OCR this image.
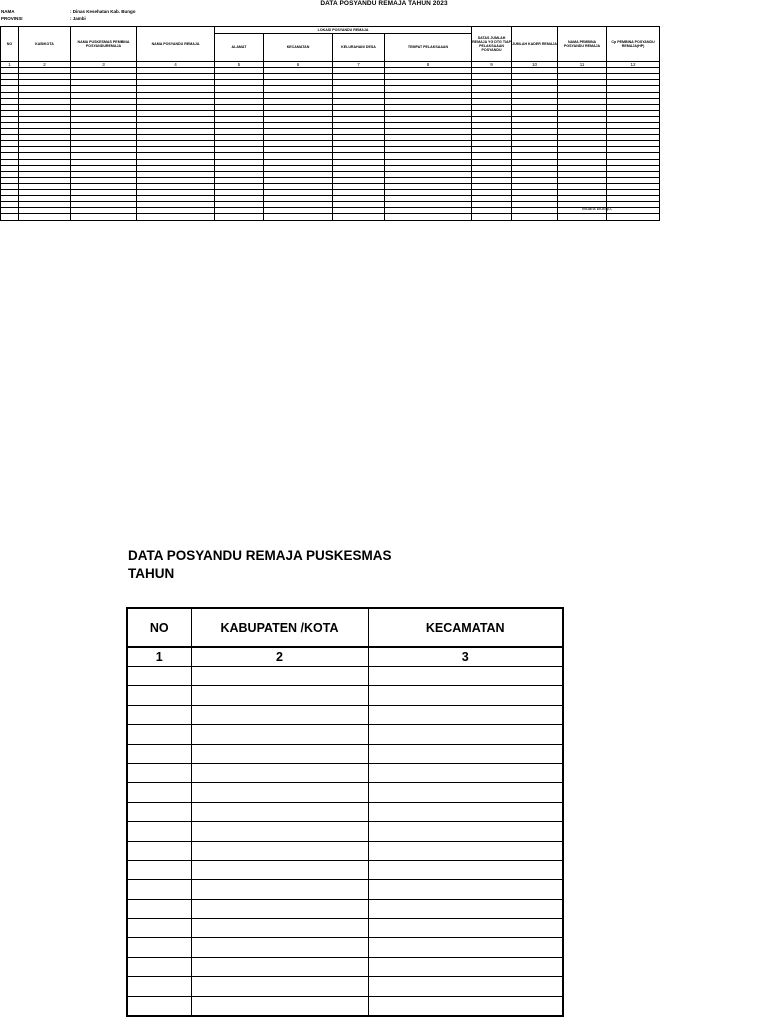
DATA POSYANDU REMAJA TAHUN 2023
NAMA	: Dinas Kesehatan Kab. Bungo
PROVINSI	: Jambi
NO	KAB/KOTA	NAMA PUSKESMAS PEMBINA POSYANDUREMAJA	NAMA POSYANDU REMAJA	LOKASI POSYANDU REMAJA				SATAS JUMLAH REMAJA YG DTG TIAP PELAKSAAAN POSYANDU	JUMLAH KADER REMAJA	NAMA PEMBINA POSYANDU REMAJA	Cp PEMBINA POSYANDU REMAJA(HP)
				ALAMAT	KECAMATAN	KELURAHAN/ DESA	TEMPAT PELAKSAAAN				
1	2	3	4	5	6	7	8	9	10	11	12

Muara Bungo,
DATA POSYANDU REMAJA PUSKESMAS
TAHUN
NO	KABUPATEN /KOTA	KECAMATAN
1	2	3
